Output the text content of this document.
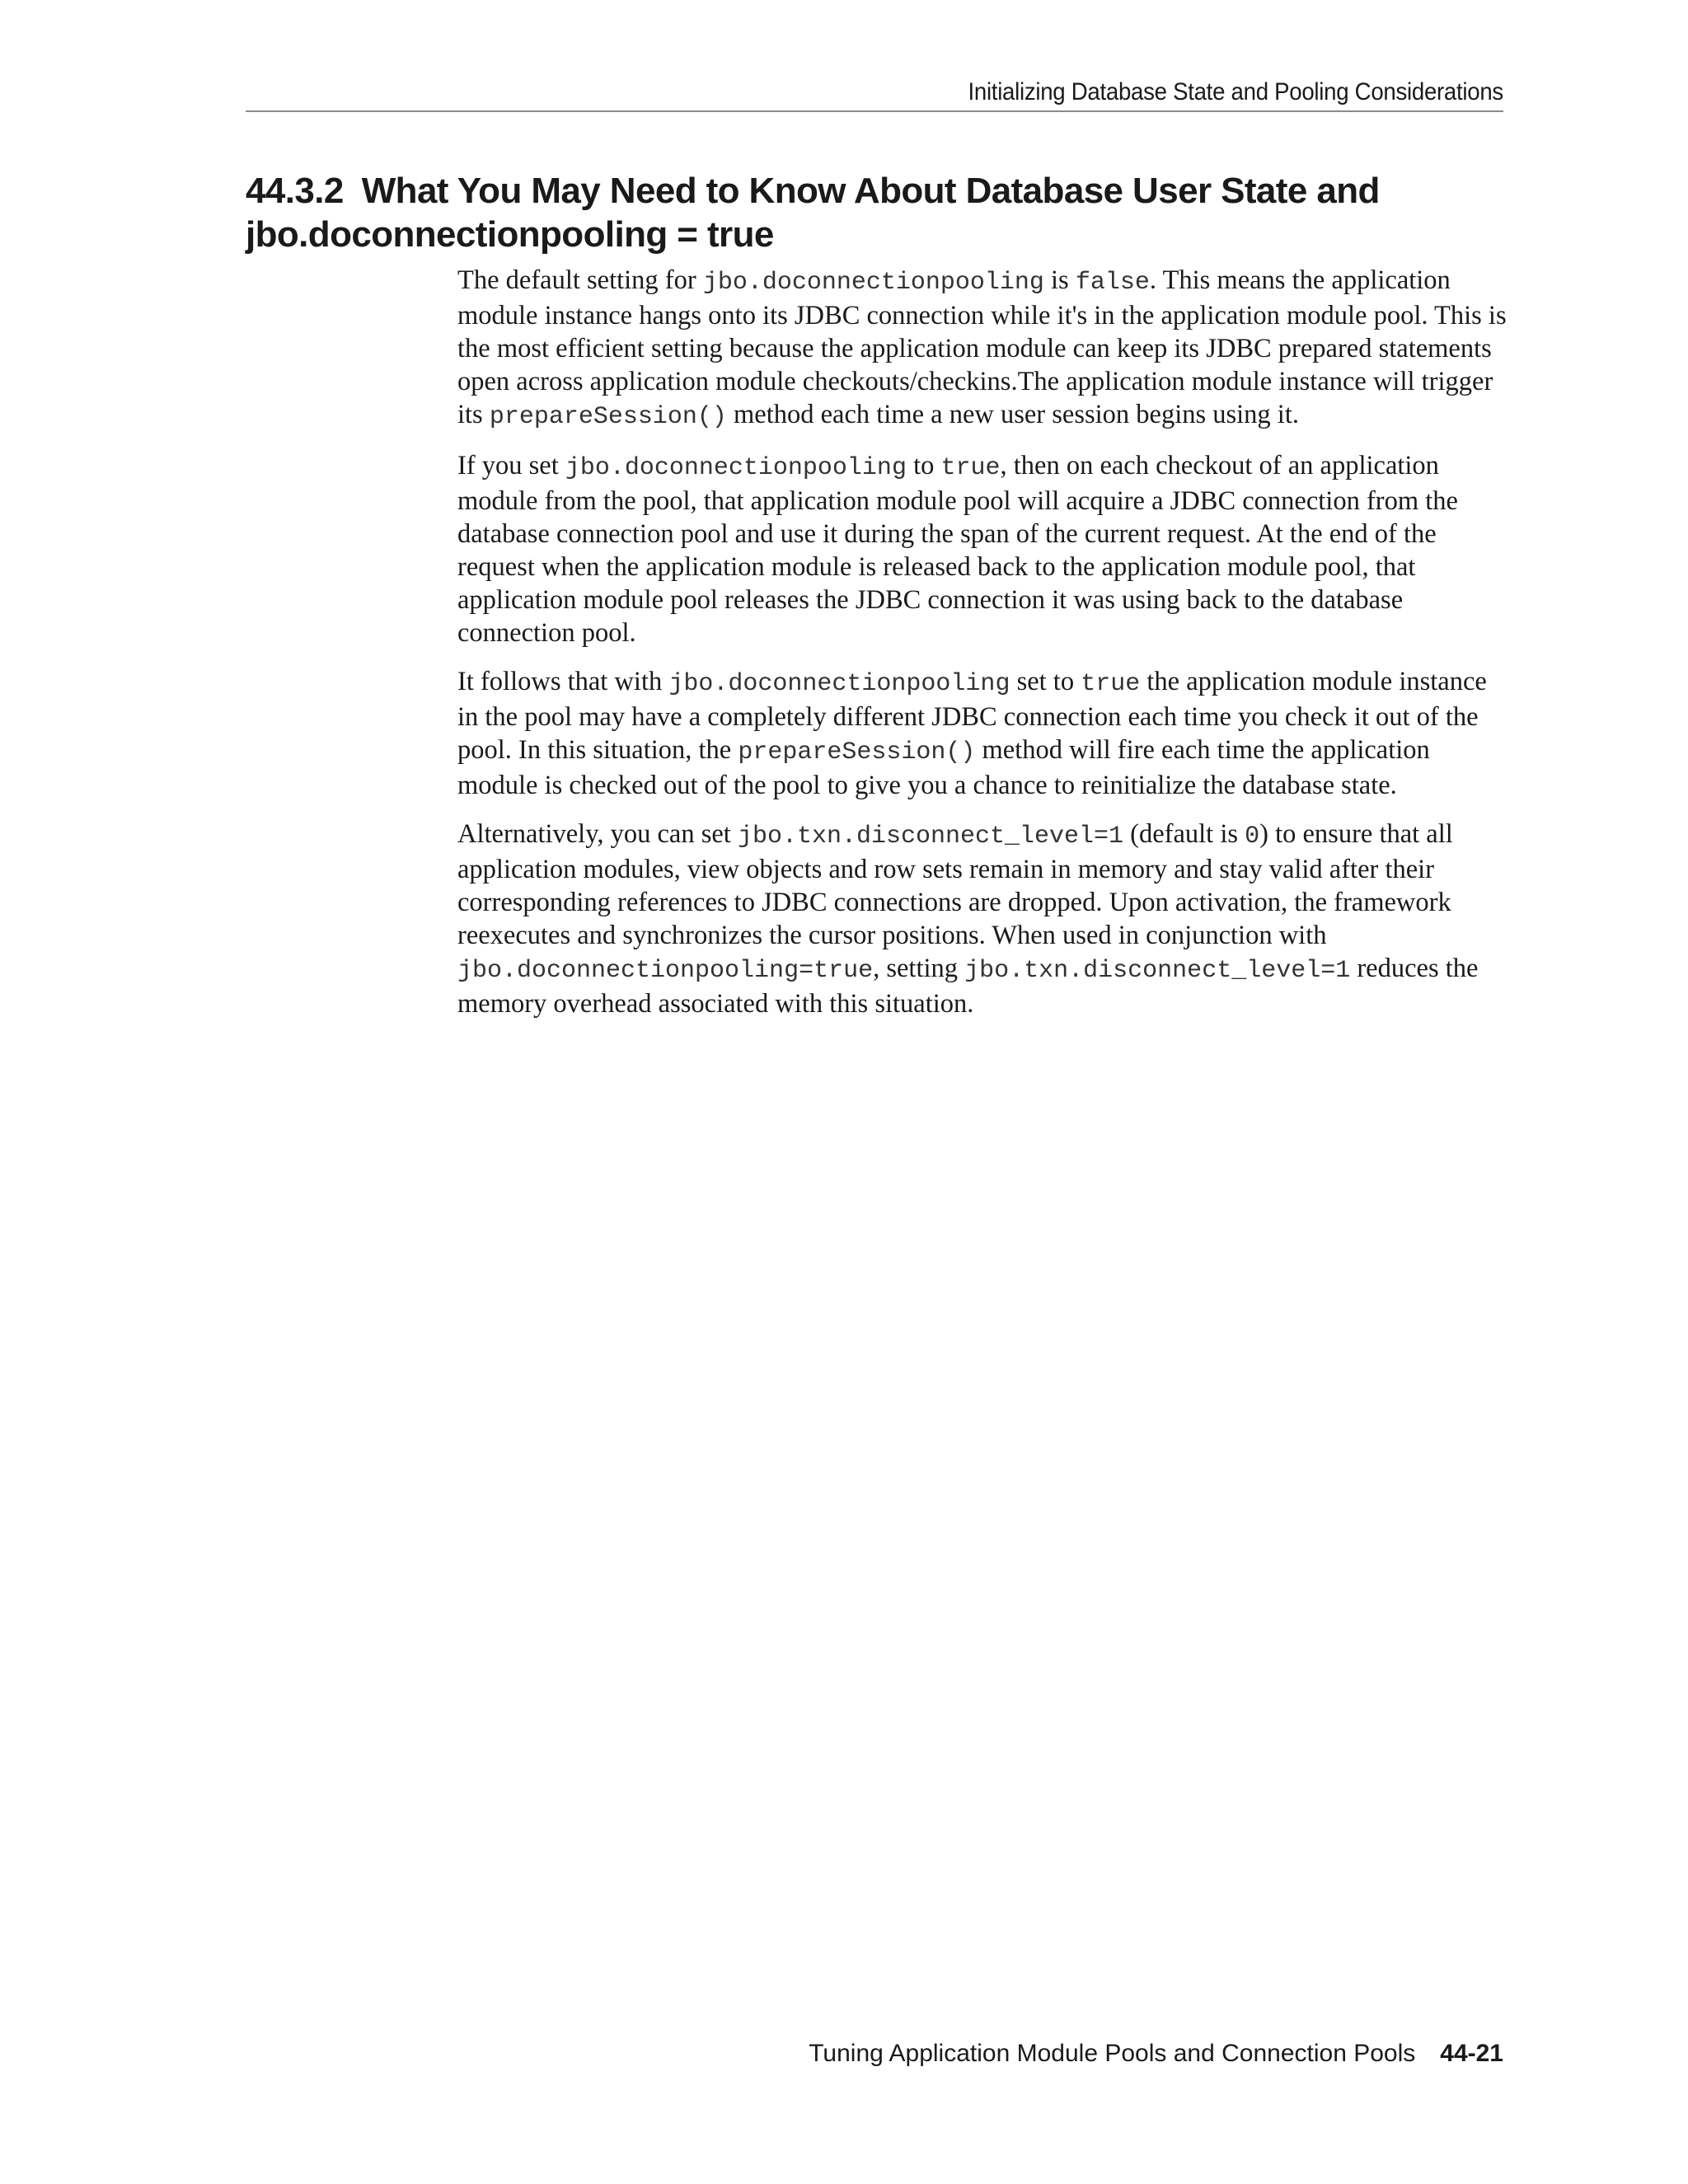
Initializing Database State and Pooling Considerations
44.3.2 What You May Need to Know About Database User State and
jbo.doconnectionpooling = true

The default setting for jbo.doconnectionpooling is false. This means the application module instance hangs onto its JDBC connection while it's in the application module pool. This is the most efficient setting because the application module can keep its JDBC prepared statements open across application module checkouts/checkins.The application module instance will trigger its prepareSession() method each time a new user session begins using it.

If you set jbo.doconnectionpooling to true, then on each checkout of an application module from the pool, that application module pool will acquire a JDBC connection from the database connection pool and use it during the span of the current request. At the end of the request when the application module is released back to the application module pool, that application module pool releases the JDBC connection it was using back to the database connection pool.

It follows that with jbo.doconnectionpooling set to true the application module instance in the pool may have a completely different JDBC connection each time you check it out of the pool. In this situation, the prepareSession() method will fire each time the application module is checked out of the pool to give you a chance to reinitialize the database state.

Alternatively, you can set jbo.txn.disconnect_level=1 (default is 0) to ensure that all application modules, view objects and row sets remain in memory and stay valid after their corresponding references to JDBC connections are dropped. Upon activation, the framework reexecutes and synchronizes the cursor positions. When used in conjunction with jbo.doconnectionpooling=true, setting jbo.txn.disconnect_level=1 reduces the memory overhead associated with this situation.

Tuning Application Module Pools and Connection Pools 44-21
